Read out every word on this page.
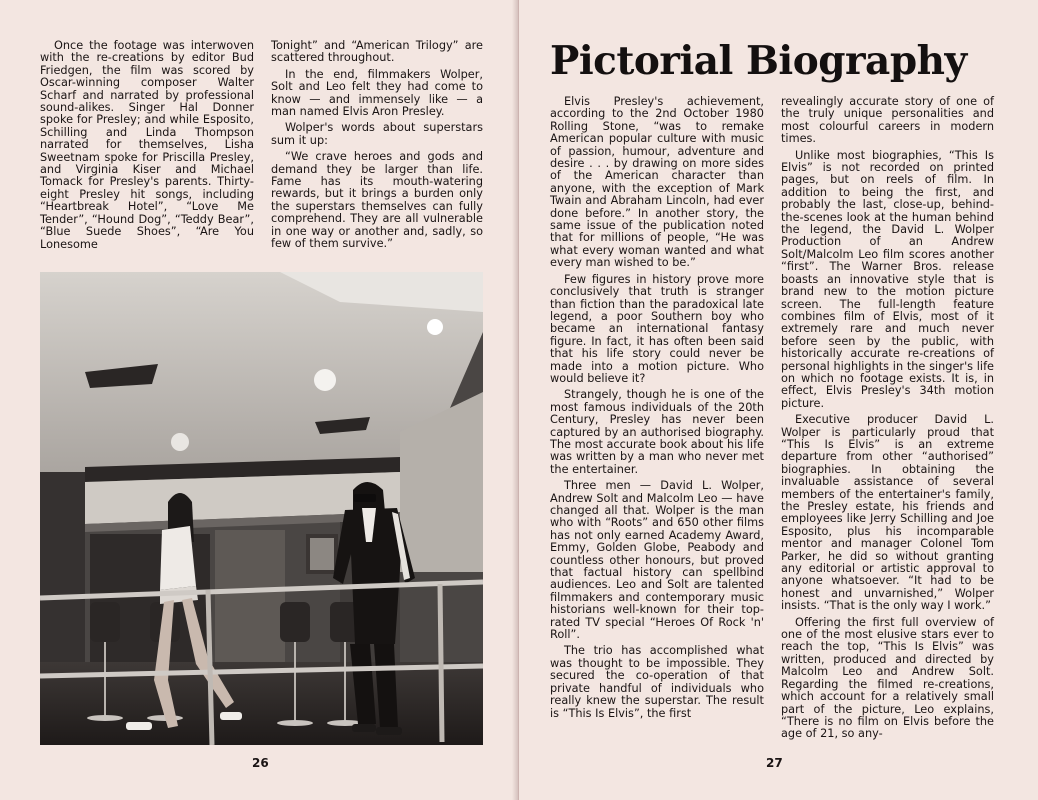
Once the footage was interwoven with the re-creations by editor Bud Friedgen, the film was scored by Oscar-winning composer Walter Scharf and narrated by professional sound-alikes. Singer Hal Donner spoke for Presley; and while Esposito, Schilling and Linda Thompson narrated for themselves, Lisha Sweetnam spoke for Priscilla Presley, and Virginia Kiser and Michael Tomack for Presley's parents. Thirty-eight Presley hit songs, including “Heartbreak Hotel”, “Love Me Tender”, “Hound Dog”, “Teddy Bear”, “Blue Suede Shoes”, “Are You Lonesome

Tonight” and “American Trilogy” are scattered throughout.

In the end, filmmakers Wolper, Solt and Leo felt they had come to know — and immensely like — a man named Elvis Aron Presley.

Wolper's words about superstars sum it up:

“We crave heroes and gods and demand they be larger than life. Fame has its mouth-watering rewards, but it brings a burden only the superstars themselves can fully comprehend. They are all vulnerable in one way or another and, sadly, so few of them survive.”

26
Pictorial Biography

Elvis Presley's achievement, according to the 2nd October 1980 Rolling Stone, “was to remake American popular culture with music of passion, humour, adventure and desire . . . by drawing on more sides of the American character than anyone, with the exception of Mark Twain and Abraham Lincoln, had ever done before.” In another story, the same issue of the publication noted that for millions of people, “He was what every woman wanted and what every man wished to be.”

Few figures in history prove more conclusively that truth is stranger than fiction than the paradoxical late legend, a poor Southern boy who became an international fantasy figure. In fact, it has often been said that his life story could never be made into a motion picture. Who would believe it?

Strangely, though he is one of the most famous individuals of the 20th Century, Presley has never been captured by an authorised biography. The most accurate book about his life was written by a man who never met the entertainer.

Three men — David L. Wolper, Andrew Solt and Malcolm Leo — have changed all that. Wolper is the man who with “Roots” and 650 other films has not only earned Academy Award, Emmy, Golden Globe, Peabody and countless other honours, but proved that factual history can spellbind audiences. Leo and Solt are talented filmmakers and contemporary music historians well-known for their top-rated TV special “Heroes Of Rock 'n' Roll”.

The trio has accomplished what was thought to be impossible. They secured the co-operation of that private handful of individuals who really knew the superstar. The result is “This Is Elvis”, the first

revealingly accurate story of one of the truly unique personalities and most colourful careers in modern times.

Unlike most biographies, “This Is Elvis” is not recorded on printed pages, but on reels of film. In addition to being the first, and probably the last, close-up, behind-the-scenes look at the human behind the legend, the David L. Wolper Production of an Andrew Solt/Malcolm Leo film scores another “first”. The Warner Bros. release boasts an innovative style that is brand new to the motion picture screen. The full-length feature combines film of Elvis, most of it extremely rare and much never before seen by the public, with historically accurate re-creations of personal highlights in the singer's life on which no footage exists. It is, in effect, Elvis Presley's 34th motion picture.

Executive producer David L. Wolper is particularly proud that “This Is Elvis” is an extreme departure from other “authorised” biographies. In obtaining the invaluable assistance of several members of the entertainer's family, the Presley estate, his friends and employees like Jerry Schilling and Joe Esposito, plus his incomparable mentor and manager Colonel Tom Parker, he did so without granting any editorial or artistic approval to anyone whatsoever. “It had to be honest and unvarnished,” Wolper insists. “That is the only way I work.”

Offering the first full overview of one of the most elusive stars ever to reach the top, “This Is Elvis” was written, produced and directed by Malcolm Leo and Andrew Solt. Regarding the filmed re-creations, which account for a relatively small part of the picture, Leo explains, “There is no film on Elvis before the age of 21, so any-

27
